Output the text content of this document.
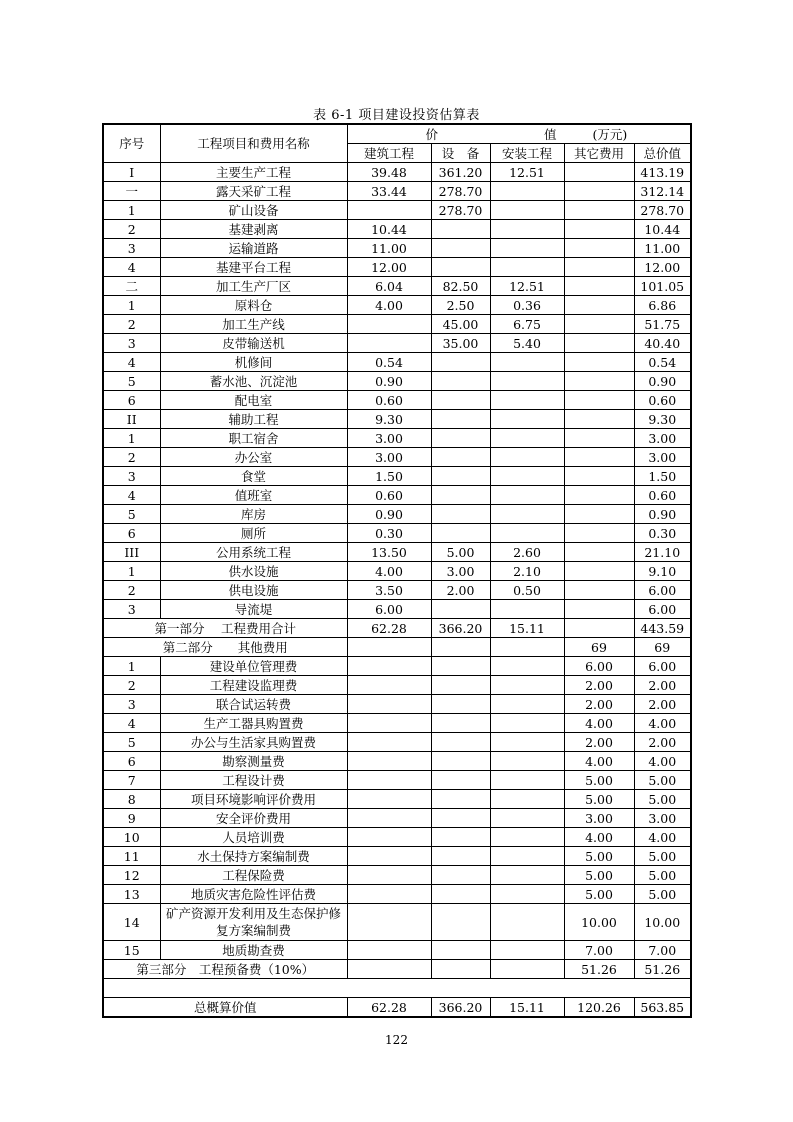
表 6-1 项目建设投资估算表
序号	工程项目和费用名称	价 值 (万元)				
		建筑工程	设　备	安装工程	其它费用	总价值
I	主要生产工程	39.48	361.20	12.51		413.19
一	露天采矿工程	33.44	278.70			312.14
1	矿山设备		278.70			278.70
2	基建剥离	10.44				10.44
3	运输道路	11.00				11.00
4	基建平台工程	12.00				12.00
二	加工生产厂区	6.04	82.50	12.51		101.05
1	原料仓	4.00	2.50	0.36		6.86
2	加工生产线		45.00	6.75		51.75
3	皮带输送机		35.00	5.40		40.40
4	机修间	0.54				0.54
5	蓄水池、沉淀池	0.90				0.90
6	配电室	0.60				0.60
II	辅助工程	9.30				9.30
1	职工宿舍	3.00				3.00
2	办公室	3.00				3.00
3	食堂	1.50				1.50
4	值班室	0.60				0.60
5	库房	0.90				0.90
6	厕所	0.30				0.30
III	公用系统工程	13.50	5.00	2.60		21.10
1	供水设施	4.00	3.00	2.10		9.10
2	供电设施	3.50	2.00	0.50		6.00
3	导流堤	6.00				6.00
第一部分　 工程费用合计		62.28	366.20	15.11		443.59
第二部分　　其他费用					69	69
1	建设单位管理费				6.00	6.00
2	工程建设监理费				2.00	2.00
3	联合试运转费				2.00	2.00
4	生产工器具购置费				4.00	4.00
5	办公与生活家具购置费				2.00	2.00
6	勘察测量费				4.00	4.00
7	工程设计费				5.00	5.00
8	项目环境影响评价费用				5.00	5.00
9	安全评价费用				3.00	3.00
10	人员培训费				4.00	4.00
11	水土保持方案编制费				5.00	5.00
12	工程保险费				5.00	5.00
13	地质灾害危险性评估费				5.00	5.00
14	矿产资源开发利用及生态保护修复方案编制费				10.00	10.00
15	地质勘查费				7.00	7.00
第三部分　工程预备费（10%）					51.26	51.26

总概算价值		62.28	366.20	15.11	120.26	563.85
122
